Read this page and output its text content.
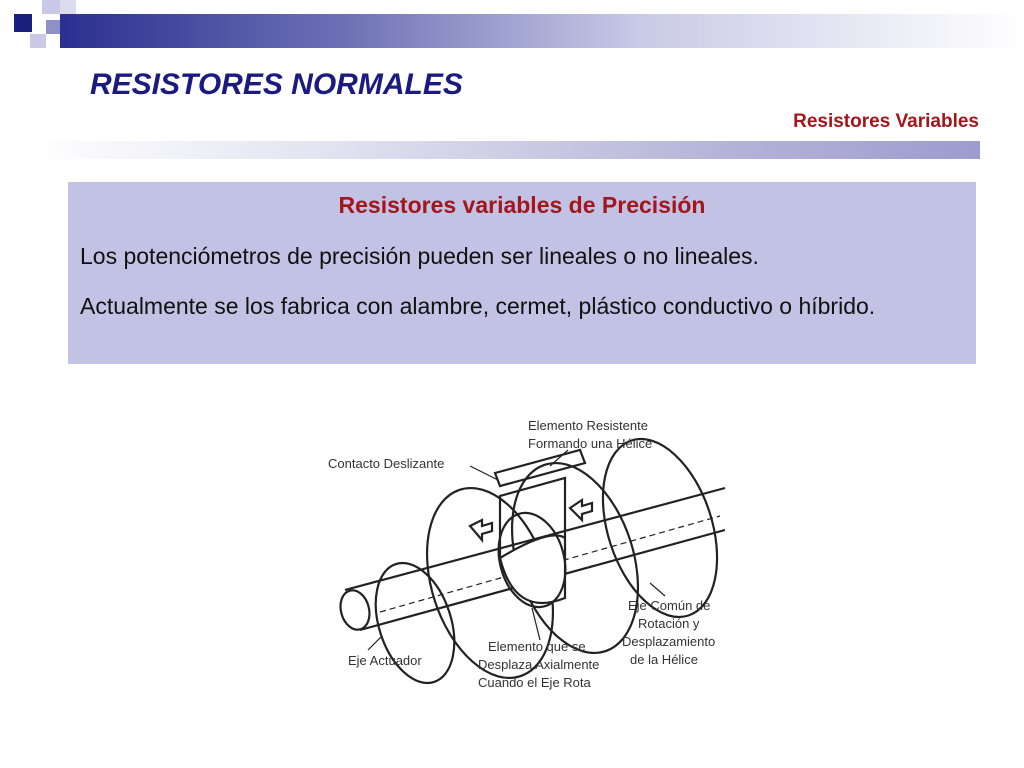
RESISTORES NORMALES

Resistores Variables

Resistores variables de Precisión

Los potenciómetros de precisión pueden ser lineales o no lineales.

Actualmente se los fabrica con alambre, cermet, plástico conductivo o híbrido.

Elemento Resistente
Formando una Hélice
Contacto Deslizante
Eje Común de
Rotación y
Desplazamiento
de la Hélice
Elemento que se
Desplaza Axialmente
Cuando el Eje Rota
Eje Actuador
